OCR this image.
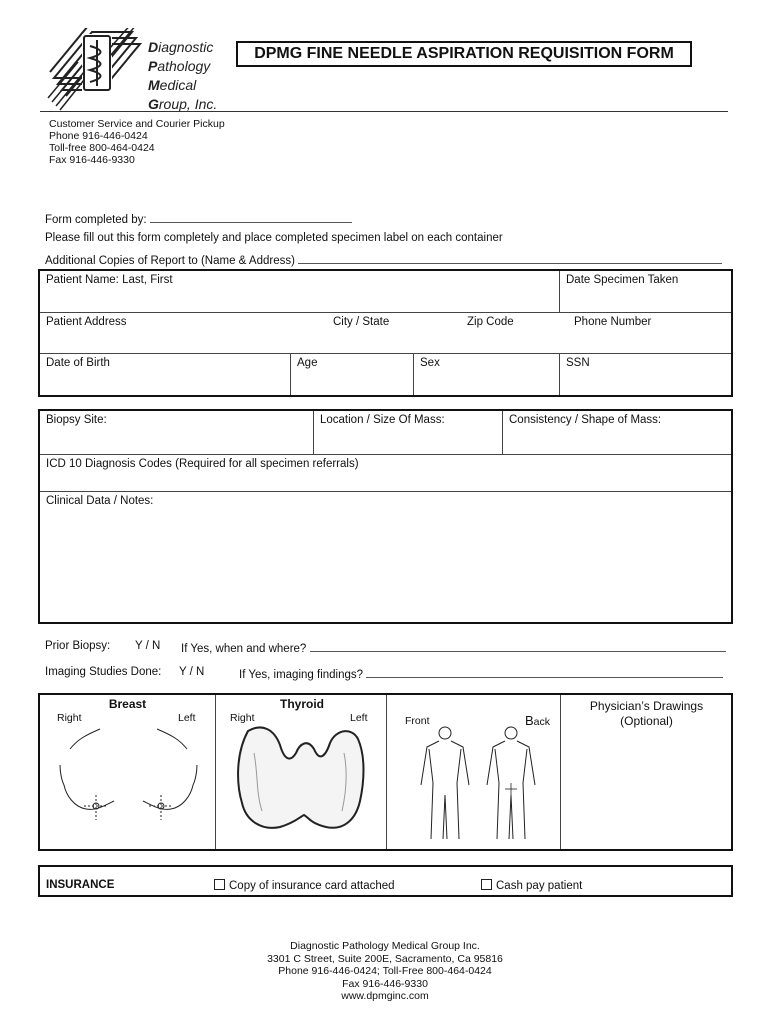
Diagnostic
Pathology
Medical
Group, Inc.
DPMG FINE NEEDLE ASPIRATION REQUISITION FORM
Customer Service and Courier Pickup
Phone 916-446-0424
Toll-free 800-464-0424
Fax 916-446-9330
Form completed by:
Please fill out this form completely and place completed specimen label on each container
Additional Copies of Report to (Name & Address)
Patient Name: Last, First	Date Specimen Taken
Patient Address	City / State	Zip Code	Phone Number
Date of Birth	Age	Sex	SSN
Biopsy Site:	Location / Size Of Mass:	Consistency / Shape of Mass:
ICD 10 Diagnosis Codes (Required for all specimen referrals)
Clinical Data / Notes:
Prior Biopsy: Y / N If Yes, when and where?
Imaging Studies Done: Y / N	If Yes, imaging findings?
Breast
Right	Left
Thyroid
Right	Left	Front	Back
Physician’s Drawings
(Optional)
INSURANCE	Copy of insurance card attached	Cash pay patient
Diagnostic Pathology Medical Group Inc.
3301 C Street, Suite 200E, Sacramento, Ca 95816
Phone 916-446-0424; Toll-Free 800-464-0424
Fax 916-446-9330
www.dpmginc.com
